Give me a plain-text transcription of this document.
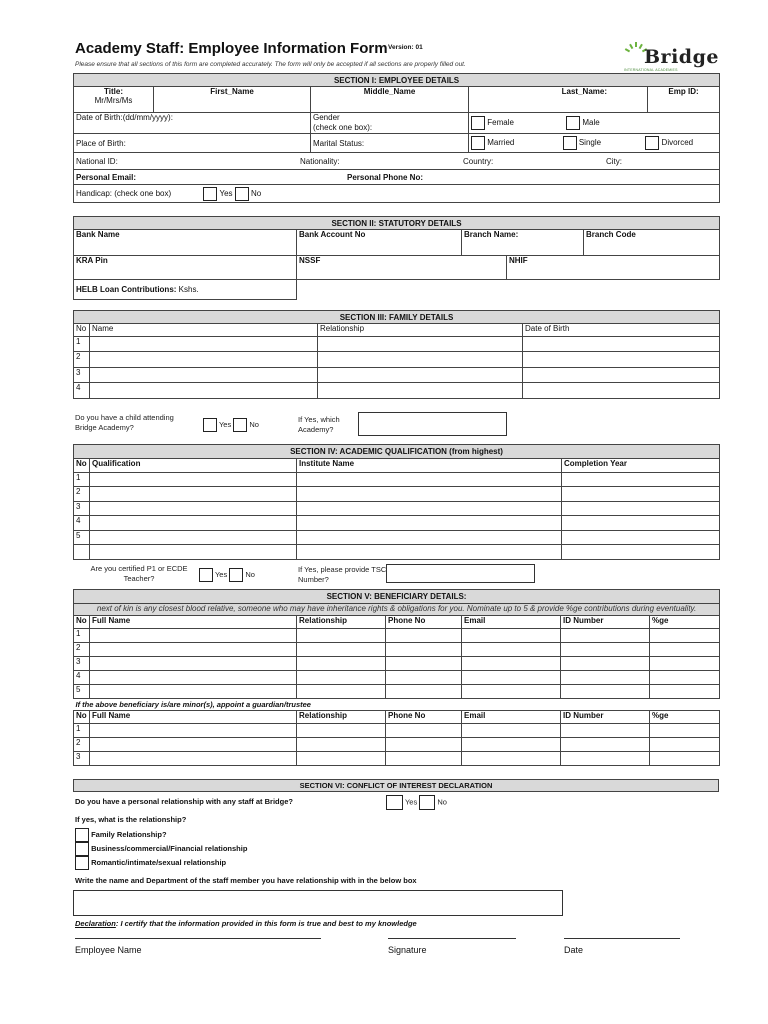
Academy Staff: Employee Information Form Version: 01
Please ensure that all sections of this form are completed accurately. The form will only be accepted if all sections are properly filled out.	Bridge
INTERNATIONAL ACADEMIES
SECTION I: EMPLOYEE DETAILS				

Title:
Mr/Mrs/Ms	First_Name	Middle_Name	Last_Name:	Emp ID:
Date of Birth:(dd/mm/yyyy):		Gender
(check one box):	Female Male	
Place of Birth:		Marital Status:	Married Single Divorced	
National ID: Nationality: Country: City:				

Personal Email: Personal Phone No:				

Handicap: (check one box) Yes No				
SECTION II: STATUTORY DETAILS				
Bank Name	Bank Account No	Branch Name:		Branch Code
KRA Pin	NSSF		NHIF	
HELB Loan Contributions: Kshs.				
SECTION III: FAMILY DETAILS			
No	Name	Relationship	Date of Birth
1			
2			
3			
4			
Do you have a child attending
Bridge Academy?	Yes No
If Yes, which
Academy?
SECTION IV: ACADEMIC QUALIFICATION (from highest)			
No	Qualification	Institute Name	Completion Year
1			
2			
3			
4			
5			

Are you certified P1 or ECDE
Teacher?	Yes No
If Yes, please provide TSC
Number?
SECTION V: BENEFICIARY DETAILS:						
next of kin is any closest blood relative, someone who may have inheritance rights & obligations for you. Nominate up to 5 & provide %ge contributions during eventuality.						
No	Full Name	Relationship	Phone No	Email	ID Number	%ge
1						
2						
3						
4						
5						
If the above beneficiary is/are minor(s), appoint a guardian/trustee						
No	Full Name	Relationship	Phone No	Email	ID Number	%ge
1						
2						
3						
SECTION VI: CONFLICT OF INTEREST DECLARATION
Do you have a personal relationship with any staff at Bridge?	Yes	No
If yes, what is the relationship?
Family Relationship?
Business/commercial/Financial relationship
Romantic/intimate/sexual relationship
Write the name and Department of the staff member you have relationship with in the below box
Declaration: I certify that the information provided in this form is true and best to my knowledge
Employee Name	Signature	Date
